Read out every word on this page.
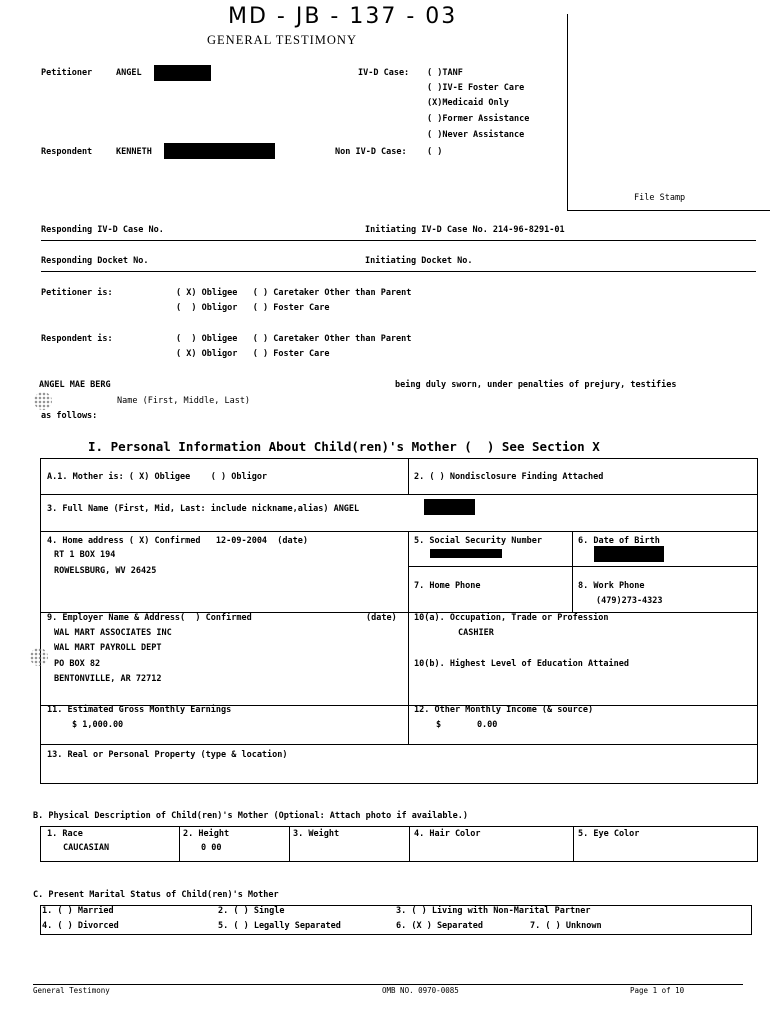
MD - JB - 137 - 03
GENERAL TESTIMONY
File Stamp
Petitioner	ANGEL	IV-D Case: ( )TANF
( )IV-E Foster Care
(X)Medicaid Only
( )Former Assistance
( )Never Assistance
Respondent	KENNETH	Non IV-D Case: ( )
Responding IV-D Case No.	Initiating IV-D Case No. 214-96-8291-01
Responding Docket No.	Initiating Docket No.
Petitioner is:	( X) Obligee   ( ) Caretaker Other than Parent
(  ) Obligor   ( ) Foster Care
Respondent is:	(  ) Obligee   ( ) Caretaker Other than Parent
( X) Obligor   ( ) Foster Care
ANGEL MAE BERG	being duly sworn, under penalties of prejury, testifies
Name (First, Middle, Last)
as follows:
I. Personal Information About Child(ren)'s Mother (  ) See Section X
A.1. Mother is: ( X) Obligee    ( ) Obligor	2. ( ) Nondisclosure Finding Attached
3. Full Name (First, Mid, Last: include nickname,alias) ANGEL
4. Home address ( X) Confirmed   12-09-2004  (date)
RT 1 BOX 194
ROWELSBURG, WV 26425
5. Social Security Number	6. Date of Birth
7. Home Phone	8. Work Phone
(479)273-4323
9. Employer Name & Address(  ) Confirmed	(date)
WAL MART ASSOCIATES INC
WAL MART PAYROLL DEPT
PO BOX 82
BENTONVILLE, AR 72712
10(a). Occupation, Trade or Profession
CASHIER
10(b). Highest Level of Education Attained
11. Estimated Gross Monthly Earnings
$ 1,000.00
12. Other Monthly Income (& source)
$       0.00
13. Real or Personal Property (type & location)
B. Physical Description of Child(ren)'s Mother (Optional: Attach photo if available.)
1. Race
CAUCASIAN
2. Height
0 00
3. Weight	4. Hair Color	5. Eye Color
C. Present Marital Status of Child(ren)'s Mother
1. ( ) Married	2. ( ) Single	3. ( ) Living with Non-Marital Partner
4. ( ) Divorced	5. ( ) Legally Separated	6. (X ) Separated	7. ( ) Unknown
General Testimony	OMB NO. 0970-0085	Page 1 of 10
